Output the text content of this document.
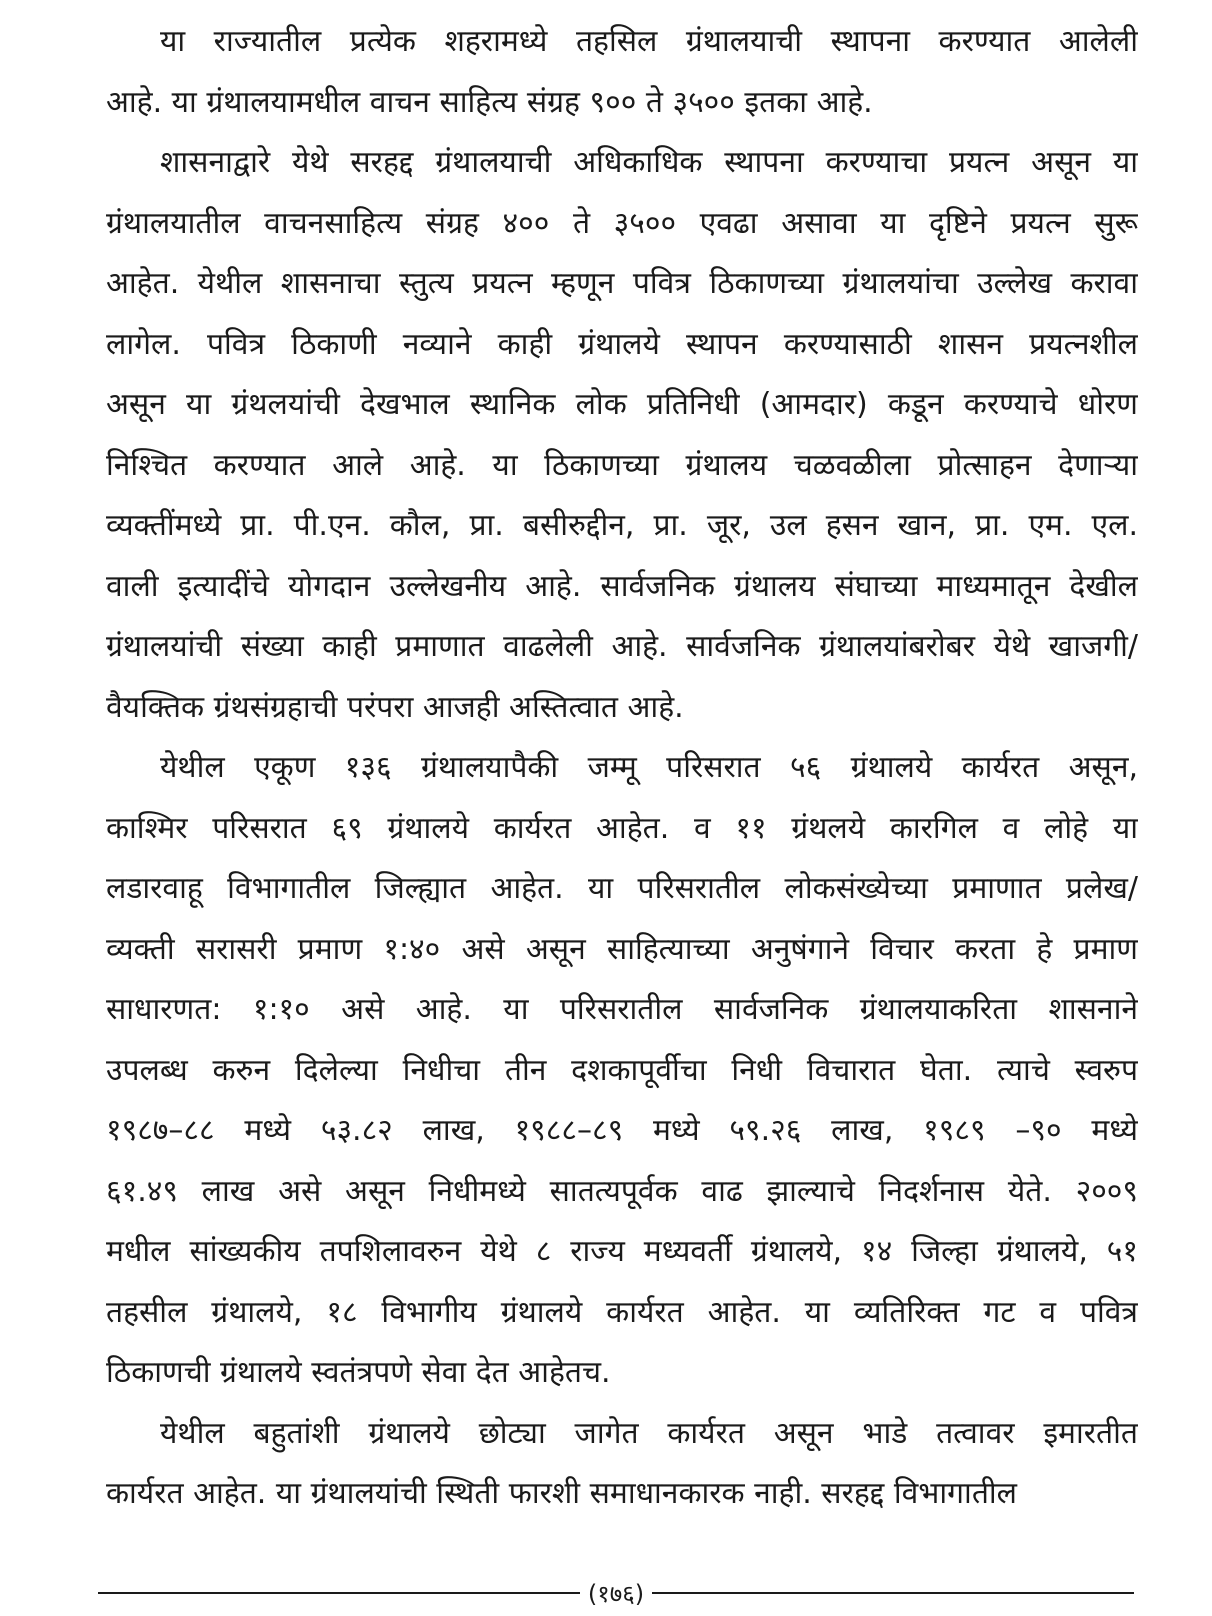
या राज्यातील प्रत्येक शहरामध्ये तहसिल ग्रंथालयाची स्थापना करण्यात आलेली
आहे. या ग्रंथालयामधील वाचन साहित्य संग्रह ९०० ते ३५०० इतका आहे.
शासनाद्वारे येथे सरहद्द ग्रंथालयाची अधिकाधिक स्थापना करण्याचा प्रयत्न असून या
ग्रंथालयातील वाचनसाहित्य संग्रह ४०० ते ३५०० एवढा असावा या दृष्टिने प्रयत्न सुरू
आहेत. येथील शासनाचा स्तुत्य प्रयत्न म्हणून पवित्र ठिकाणच्या ग्रंथालयांचा उल्लेख करावा
लागेल. पवित्र ठिकाणी नव्याने काही ग्रंथालये स्थापन करण्यासाठी शासन प्रयत्नशील
असून या ग्रंथलयांची देखभाल स्थानिक लोक प्रतिनिधी (आमदार) कडून करण्याचे धोरण
निश्चित करण्यात आले आहे. या ठिकाणच्या ग्रंथालय चळवळीला प्रोत्साहन देणाऱ्या
व्यक्तींमध्ये प्रा. पी.एन. कौल, प्रा. बसीरुद्दीन, प्रा. जूर, उल हसन खान, प्रा. एम. एल.
वाली इत्यादींचे योगदान उल्लेखनीय आहे. सार्वजनिक ग्रंथालय संघाच्या माध्यमातून देखील
ग्रंथालयांची संख्या काही प्रमाणात वाढलेली आहे. सार्वजनिक ग्रंथालयांबरोबर येथे खाजगी/
वैयक्तिक ग्रंथसंग्रहाची परंपरा आजही अस्तित्वात आहे.
येथील एकूण १३६ ग्रंथालयापैकी जम्मू परिसरात ५६ ग्रंथालये कार्यरत असून,
काश्मिर परिसरात ६९ ग्रंथालये कार्यरत आहेत. व ११ ग्रंथलये कारगिल व लोहे या
लडारवाहू विभागातील जिल्ह्यात आहेत. या परिसरातील लोकसंख्येच्या प्रमाणात प्रलेख/
व्यक्ती सरासरी प्रमाण १:४० असे असून साहित्याच्या अनुषंगाने विचार करता हे प्रमाण
साधारणत: १:१० असे आहे. या परिसरातील सार्वजनिक ग्रंथालयाकरिता शासनाने
उपलब्ध करुन दिलेल्या निधीचा तीन दशकापूर्वीचा निधी विचारात घेता. त्याचे स्वरुप
१९८७–८८ मध्ये ५३.८२ लाख, १९८८–८९ मध्ये ५९.२६ लाख, १९८९ –९० मध्ये
६१.४९ लाख असे असून निधीमध्ये सातत्यपूर्वक वाढ झाल्याचे निदर्शनास येते. २००९
मधील सांख्यकीय तपशिलावरुन येथे ८ राज्य मध्यवर्ती ग्रंथालये, १४ जिल्हा ग्रंथालये, ५१
तहसील ग्रंथालये, १८ विभागीय ग्रंथालये कार्यरत आहेत. या व्यतिरिक्त गट व पवित्र
ठिकाणची ग्रंथालये स्वतंत्रपणे सेवा देत आहेतच.
येथील बहुतांशी ग्रंथालये छोट्या जागेत कार्यरत असून भाडे तत्वावर इमारतीत
कार्यरत आहेत. या ग्रंथालयांची स्थिती फारशी समाधानकारक नाही. सरहद्द विभागातील
(१७६)
